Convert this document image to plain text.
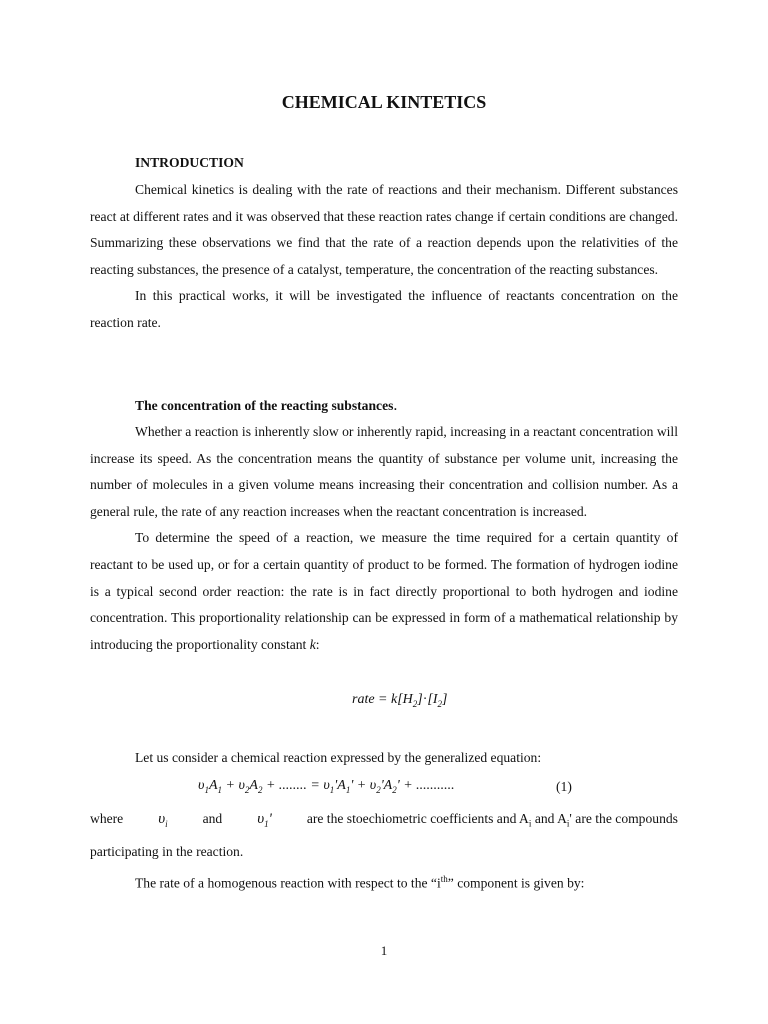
CHEMICAL KINTETICS
INTRODUCTION

Chemical kinetics is dealing with the rate of reactions and their mechanism. Different substances react at different rates and it was observed that these reaction rates change if certain conditions are changed. Summarizing these observations we find that the rate of a reaction depends upon the relativities of the reacting substances, the presence of a catalyst, temperature, the concentration of the reacting substances.

In this practical works, it will be investigated the influence of reactants concentration on the reaction rate.

The concentration of the reacting substances.

Whether a reaction is inherently slow or inherently rapid, increasing in a reactant concentration will increase its speed. As the concentration means the quantity of substance per volume unit, increasing the number of molecules in a given volume means increasing their concentration and collision number. As a general rule, the rate of any reaction increases when the reactant concentration is increased.

To determine the speed of a reaction, we measure the time required for a certain quantity of reactant to be used up, or for a certain quantity of product to be formed. The formation of hydrogen iodine is a typical second order reaction: the rate is in fact directly proportional to both hydrogen and iodine concentration. This proportionality relationship can be expressed in form of a mathematical relationship by introducing the proportionality constant k:

rate = $k[H_2]\cdot[I_2]$

Let us consider a chemical reaction expressed by the generalized equation:

$\upsilon_1A_1 + \upsilon_2A_2$ + ........ = $\upsilon_1'A_1' + \upsilon_2'A_2'$ + ...........	(1)
where $\upsilon_i$	and $\upsilon_1'$	are the stoechiometric coefficients and $A_i$ and $A_i'$ are the compounds

participating in the reaction.

The rate of a homogenous reaction with respect to the “$i^{th}$” component is given by:

1
